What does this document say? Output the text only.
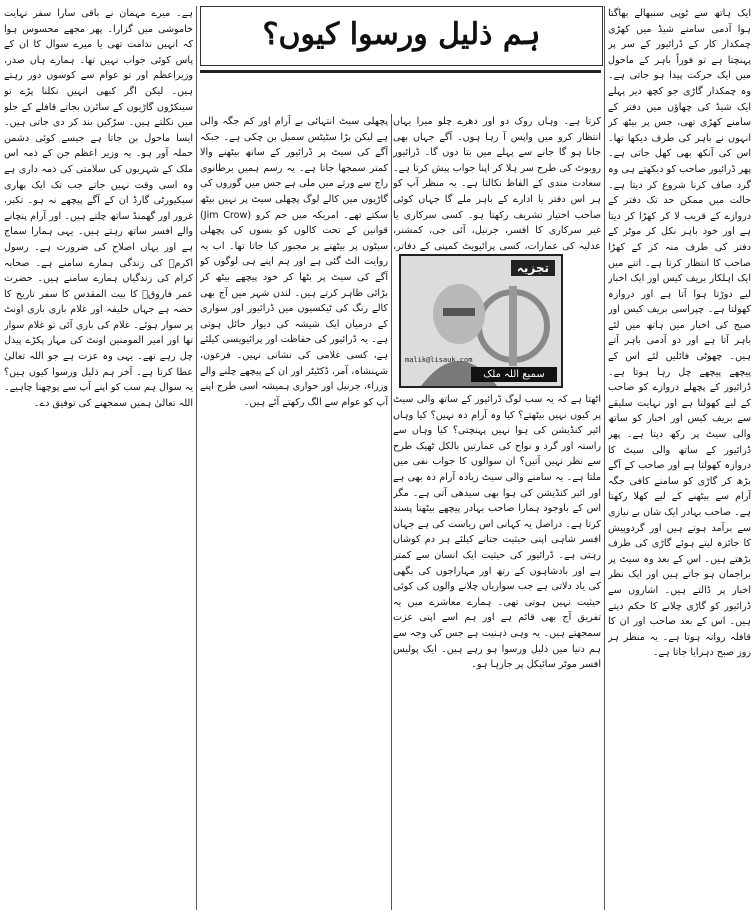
ایک ہاتھ سے ٹوپی سنبھالے بھاگتا ہوا آدمی سامنے شیڈ میں کھڑی چمکدار کار کے ڈرائیور کے سر پر پہنچتا ہے تو فوراً باہر کے ماحول میں ایک حرکت پیدا ہو جاتی ہے۔ وہ چمکدار گاڑی جو کچھ دیر پہلے ایک شیڈ کی چھاؤں میں دفتر کے سامنے کھڑی تھی، جس پر بیٹھ کر انہوں نے باہر کی طرف دیکھا تھا۔ اس کی آنکھ بھی کھل جاتی ہے۔ پھر ڈرائیور صاحب کو دیکھتے ہی وہ گرد صاف کرنا شروع کر دیتا ہے۔ حالت میں ممکن حد تک دفتر کے دروازے کے قریب لا کر کھڑا کر دیتا ہے اور خود باہر نکل کر موٹر کے دفتر کی طرف منہ کر کے کھڑا صاحب کا انتظار کرتا ہے۔ اتنے میں ایک اہلکار بریف کیس اور ایک اخبار لیے دوڑتا ہوا آتا ہے اور دروازہ کھولتا ہے۔ چپراسی بریف کیس اور صبح کی اخبار میں ہاتھ میں لئے باہر آتا ہے اور دو آدمی باہر آتے ہیں۔ چھوٹی فائلیں لئے اس کے پیچھے پیچھے چل رہا ہوتا ہے۔ ڈرائیور کے پچھلے دروازے کو صاحب کے لیے کھولتا ہے اور نہایت سلیقے سے بریف کیس اور اخبار کو ساتھ والی سیٹ پر رکھ دیتا ہے۔ پھر ڈرائیور کے ساتھ والی سیٹ کا دروازہ کھولتا ہے اور صاحب کے آگے بڑھ کر گاڑی کو سامنے کافی جگہ آرام سے بیٹھنے کے لیے کھلا رکھتا ہے۔ صاحب بہادر ایک شان بے نیازی سے برآمد ہوتے ہیں اور گردوپیش کا جائزہ لیتے ہوئے گاڑی کی طرف بڑھتے ہیں۔ اس کے بعد وہ سیٹ پر براجمان ہو جاتے ہیں اور ایک نظر اخبار پر ڈالتے ہیں۔ اشاروں سے ڈرائیور کو گاڑی چلانے کا حکم دیتے ہیں۔ اس کے بعد صاحب اور ان کا قافلہ روانہ ہوتا ہے۔ یہ منظر ہر روز صبح دہرایا جاتا ہے۔

ہم ذلیل ورسوا کیوں؟

کرتا ہے۔ وہاں روک دو اور دھرے چلو میرا یہاں انتظار کرو میں واپس آ رہا ہوں۔ آگے جہاں بھی جانا ہو گا جانے سے پہلے میں بتا دوں گا۔ ڈرائیور روبوٹ کی طرح سر ہلا کر اپنا جواب پیش کرتا ہے۔ سعادت مندی کے الفاظ نکالتا ہے۔ یہ منظر آپ کو ہر اس دفتر یا ادارے کے باہر ملے گا جہاں کوئی صاحب اختیار تشریف رکھتا ہو۔ کسی سرکاری یا غیر سرکاری کا افسر، جرنیل، آئی جی، کمشنر، عدلیہ کی عمارات، کسی پرائیویٹ کمپنی کے دفاتر،

تجزیہ
malik@lisauk.com
سمیع اللہ ملک

اٹھتا ہے کہ یہ سب لوگ ڈرائیور کے ساتھ والی سیٹ پر کیوں نہیں بیٹھتے؟ کیا وہ آرام دہ نہیں؟ کیا وہاں ائیر کنڈیشن کی ہوا نہیں پہنچتی؟ کیا وہاں سے راستہ اور گرد و نواح کی عمارتیں بالکل ٹھیک طرح سے نظر نہیں آتیں؟ ان سوالوں کا جواب نفی میں ملتا ہے۔ یہ سامنے والی سیٹ زیادہ آرام دہ بھی ہے اور ائیر کنڈیشن کی ہوا بھی سیدھی آتی ہے۔ مگر اس کے باوجود ہمارا صاحب بہادر پیچھے بیٹھنا پسند کرتا ہے۔ دراصل یہ کہانی اس ریاست کی ہے جہاں افسر شاہی اپنی حیثیت جتانے کیلئے ہر دم کوشاں رہتی ہے۔ ڈرائیور کی حیثیت ایک انسان سے کمتر ہے اور بادشاہوں کے رتھ اور مہاراجوں کی بگھی کی یاد دلاتی ہے جب سواریاں چلانے والوں کی کوئی حیثیت نہیں ہوتی تھی۔ ہمارے معاشرے میں یہ تفریق آج بھی قائم ہے اور ہم اسے اپنی عزت سمجھتے ہیں۔ یہ وہی ذہنیت ہے جس کی وجہ سے ہم دنیا میں ذلیل ورسوا ہو رہے ہیں۔ ایک پولیس افسر موٹر سائیکل پر جارہا ہو۔

پچھلی سیٹ انتہائی بے آرام اور کم جگہ والی ہے لیکن بڑا سٹیٹس سمبل بن چکی ہے۔ جبکہ آگے کی سیٹ پر ڈرائیور کے ساتھ بیٹھنے والا کمتر سمجھا جاتا ہے۔ یہ رسم ہمیں برطانوی راج سے ورثے میں ملی ہے جس میں گوروں کی گاڑیوں میں کالے لوگ پچھلی سیٹ پر نہیں بیٹھ سکتے تھے۔ امریکہ میں جم کرو (Jim Crow) قوانین کے تحت کالوں کو بسوں کی پچھلی سیٹوں پر بیٹھنے پر مجبور کیا جاتا تھا۔ اب یہ روایت الٹ گئی ہے اور ہم اپنے ہی لوگوں کو آگے کی سیٹ پر بٹھا کر خود پیچھے بیٹھ کر بڑائی ظاہر کرتے ہیں۔ لندن شہر میں آج بھی کالے رنگ کی ٹیکسیوں میں ڈرائیور اور سواری کے درمیان ایک شیشہ کی دیوار حائل ہوتی ہے۔ یہ ڈرائیور کی حفاظت اور پرائیویسی کیلئے ہے، کسی غلامی کی نشانی نہیں۔ فرعون، شہنشاہ، آمر، ڈکٹیٹر اور ان کے پیچھے چلنے والے وزراء، جرنیل اور حواری ہمیشہ اسی طرح اپنے آپ کو عوام سے الگ رکھتے آئے ہیں۔

ہے۔ میرے مہمان نے باقی سارا سفر نہایت خاموشی میں گزارا۔ پھر مجھے محسوس ہوا کہ انہیں ندامت تھی یا میرے سوال کا ان کے پاس کوئی جواب نہیں تھا۔ ہمارے ہاں صدر، وزیراعظم اور تو عوام سے کوسوں دور رہتے ہیں۔ لیکن اگر کبھی انہیں نکلنا پڑے تو سینکڑوں گاڑیوں کے سائرن بجاتے قافلے کے جلو میں نکلتے ہیں۔ سڑکیں بند کر دی جاتی ہیں۔ ایسا ماحول بن جاتا ہے جیسے کوئی دشمن حملہ آور ہو۔ یہ وزیر اعظم جن کے ذمہ اس ملک کے شہریوں کی سلامتی کی ذمہ داری ہے وہ اسی وقت نہیں جاتے جب تک ایک بھاری سیکیورٹی گارڈ ان کے آگے پیچھے نہ ہو۔ تکبر، غرور اور گھمنڈ ساتھ چلتے ہیں۔ اور آرام پنچانے والے افسر ساتھ رہتے ہیں۔ یہی ہمارا سماج ہے اور یہاں اصلاح کی ضرورت ہے۔ رسول اکرمؐ کی زندگی ہمارے سامنے ہے۔ صحابہ کرام کی زندگیاں ہمارے سامنے ہیں۔ حضرت عمر فاروقؓ کا بیت المقدس کا سفر تاریخ کا حصہ ہے جہاں خلیفہ اور غلام باری باری اونٹ پر سوار ہوئے۔ غلام کی باری آئی تو غلام سوار تھا اور امیر المومنین اونٹ کی مہار پکڑے پیدل چل رہے تھے۔ یہی وہ عزت ہے جو اللہ تعالیٰ عطا کرتا ہے۔ آخر ہم ذلیل ورسوا کیوں ہیں؟ یہ سوال ہم سب کو اپنے آپ سے پوچھنا چاہیے۔ اللہ تعالیٰ ہمیں سمجھنے کی توفیق دے۔
